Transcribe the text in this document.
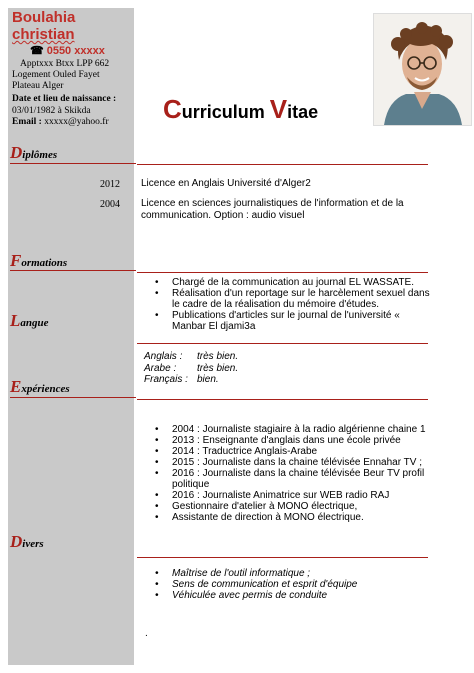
Boulahia
christian
☎ 0550 xxxxx
Apptxxx Btxx LPP 662
Logement Ouled Fayet
Plateau Alger
Date et lieu de naissance :
03/01/1982 à Skikda
Email : xxxxx@yahoo.fr Curriculum Vitae
Diplômes
2012 Licence en Anglais Université d'Alger2
2004 Licence en sciences journalistiques de l'information et de la communication. Option : audio visuel
Formations
• Chargé de la communication au journal EL WASSATE.
• Réalisation d'un reportage sur le harcèlement sexuel dans le cadre de la réalisation du mémoire d'études.
• Publications d'articles sur le journal de l'université « Manbar El djami3a
Langue
Anglais : très bien.
Arabe : très bien.
Français : bien.
Expériences
• 2004 : Journaliste stagiaire à la radio algérienne chaine 1
• 2013 : Enseignante d'anglais dans une école privée
• 2014 : Traductrice Anglais-Arabe
• 2015 : Journaliste dans la chaine télévisée Ennahar TV ;
• 2016 : Journaliste dans la chaine télévisée Beur TV profil politique
• 2016 : Journaliste Animatrice sur WEB radio RAJ
• Gestionnaire d'atelier à MONO électrique,
• Assistante de direction à MONO électrique.
Divers
• Maîtrise de l'outil informatique ;
• Sens de communication et esprit d'équipe
• Véhiculée avec permis de conduite
.
